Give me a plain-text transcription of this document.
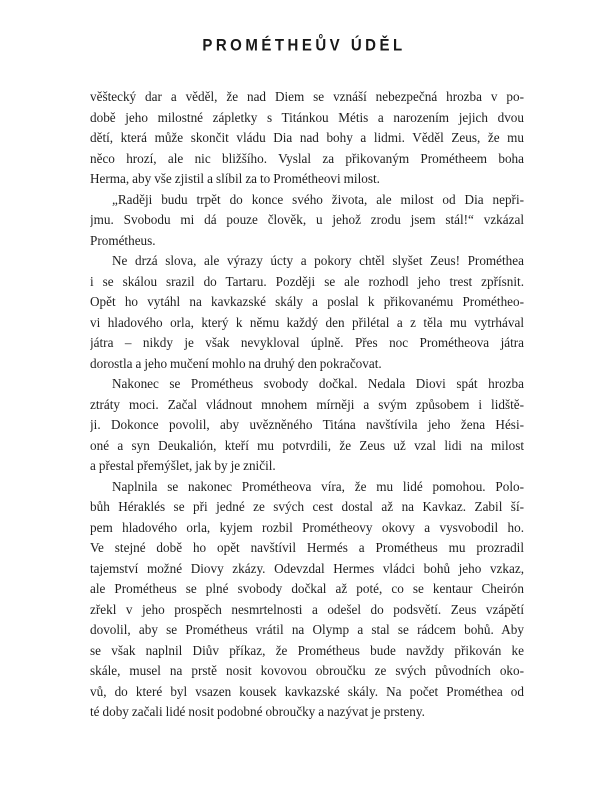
PROMÉTHEŮV ÚDĚL
věštecký dar a věděl, že nad Diem se vznáší nebezpečná hrozba v po-
době jeho milostné zápletky s Titánkou Métis a narozením jejich dvou
dětí, která může skončit vládu Dia nad bohy a lidmi. Věděl Zeus, že mu
něco hrozí, ale nic bližšího. Vyslal za přikovaným Prométheem boha
Herma, aby vše zjistil a slíbil za to Prométheovi milost.
„Raději budu trpět do konce svého života, ale milost od Dia nepři-
jmu. Svobodu mi dá pouze člověk, u jehož zrodu jsem stál!“ vzkázal
Prométheus.
Ne drzá slova, ale výrazy úcty a pokory chtěl slyšet Zeus! Prométhea
i se skálou srazil do Tartaru. Později se ale rozhodl jeho trest zpřísnit.
Opět ho vytáhl na kavkazské skály a poslal k přikovanému Prométheo-
vi hladového orla, který k němu každý den přilétal a z těla mu vytrhával
játra – nikdy je však nevykloval úplně. Přes noc Prométheova játra
dorostla a jeho mučení mohlo na druhý den pokračovat.
Nakonec se Prométheus svobody dočkal. Nedala Diovi spát hrozba
ztráty moci. Začal vládnout mnohem mírněji a svým způsobem i lidště-
ji. Dokonce povolil, aby uvězněného Titána navštívila jeho žena Hési-
oné a syn Deukalión, kteří mu potvrdili, že Zeus už vzal lidi na milost
a přestal přemýšlet, jak by je zničil.
Naplnila se nakonec Prométheova víra, že mu lidé pomohou. Polo-
bůh Héraklés se při jedné ze svých cest dostal až na Kavkaz. Zabil ší-
pem hladového orla, kyjem rozbil Prométheovy okovy a vysvobodil ho.
Ve stejné době ho opět navštívil Hermés a Prométheus mu prozradil
tajemství možné Diovy zkázy. Odevzdal Hermes vládci bohů jeho vzkaz,
ale Prométheus se plné svobody dočkal až poté, co se kentaur Cheirón
zřekl v jeho prospěch nesmrtelnosti a odešel do podsvětí. Zeus vzápětí
dovolil, aby se Prométheus vrátil na Olymp a stal se rádcem bohů. Aby
se však naplnil Diův příkaz, že Prométheus bude navždy přikován ke
skále, musel na prstě nosit kovovou obroučku ze svých původních oko-
vů, do které byl vsazen kousek kavkazské skály. Na počet Prométhea od
té doby začali lidé nosit podobné obroučky a nazývat je prsteny.
